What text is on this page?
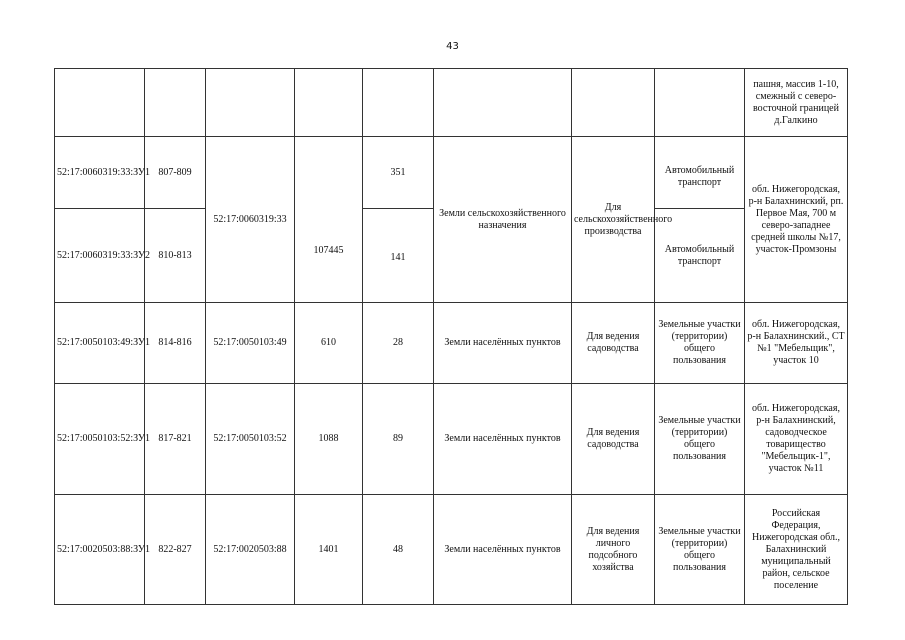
43
								пашня, массив 1-10, смежный с северо-восточной границей д.Галкино
52:17:0060319:33:ЗУ1	807-809	52:17:0060319:33	107445	351	Земли сельскохозяйственного назначения	Для сельскохозяйственного производства	Автомобильный транспорт	обл. Нижегородская, р-н Балахнинский, рп. Первое Мая, 700 м северо-западнее средней школы №17, участок-Промзоны
52:17:0060319:33:ЗУ2	810-813			141			Автомобильный транспорт	
52:17:0050103:49:ЗУ1	814-816	52:17:0050103:49	610	28	Земли населённых пунктов	Для ведения садоводства	Земельные участки (территории) общего пользования	обл. Нижегородская, р-н Балахнинский., СТ №1 "Мебельщик", участок 10
52:17:0050103:52:ЗУ1	817-821	52:17:0050103:52	1088	89	Земли населённых пунктов	Для ведения садоводства	Земельные участки (территории) общего пользования	обл. Нижегородская, р-н Балахнинский, садоводческое товарищество "Мебельщик-1", участок №11
52:17:0020503:88:ЗУ1	822-827	52:17:0020503:88	1401	48	Земли населённых пунктов	Для ведения личного подсобного хозяйства	Земельные участки (территории) общего пользования	Российская Федерация, Нижегородская обл., Балахнинский муниципальный район, сельское поселение
